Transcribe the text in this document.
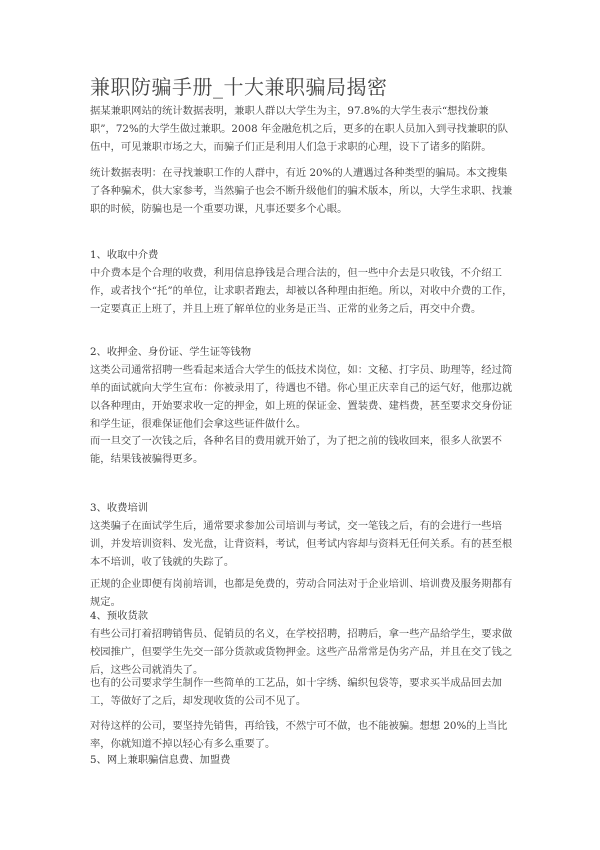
兼职防骗手册_十大兼职骗局揭密

据某兼职网站的统计数据表明，兼职人群以大学生为主，97.8%的大学生表示“想找份兼职”，72%的大学生做过兼职。2008 年金融危机之后，更多的在职人员加入到寻找兼职的队伍中，可见兼职市场之大，而骗子们正是利用人们急于求职的心理，设下了诸多的陷阱。

统计数据表明：在寻找兼职工作的人群中，有近 20%的人遭遇过各种类型的骗局。本文搜集了各种骗术，供大家参考，当然骗子也会不断升级他们的骗术版本，所以，大学生求职、找兼职的时候，防骗也是一个重要功课，凡事还要多个心眼。

1、收取中介费

中介费本是个合理的收费，利用信息挣钱是合理合法的，但一些中介去是只收钱，不介绍工作，或者找个“托”的单位，让求职者跑去，却被以各种理由拒绝。所以，对收中介费的工作，一定要真正上班了，并且上班了解单位的业务是正当、正常的业务之后，再交中介费。

2、收押金、身份证、学生证等钱物

这类公司通常招聘一些看起来适合大学生的低技术岗位，如：文秘、打字员、助理等，经过简单的面试就向大学生宣布：你被录用了，待遇也不错。你心里正庆幸自己的运气好，他那边就以各种理由，开始要求收一定的押金，如上班的保证金、置装费、建档费，甚至要求交身份证和学生证，很难保证他们会拿这些证件做什么。

而一旦交了一次钱之后，各种名目的费用就开始了，为了把之前的钱收回来，很多人欲罢不能，结果钱被骗得更多。

3、收费培训

这类骗子在面试学生后，通常要求参加公司培训与考试，交一笔钱之后，有的会进行一些培训，并发培训资料、发光盘，让背资料，考试，但考试内容却与资料无任何关系。有的甚至根本不培训，收了钱就的失踪了。

正规的企业即便有岗前培训，也都是免费的，劳动合同法对于企业培训、培训费及服务期都有规定。

4、预收货款

有些公司打着招聘销售员、促销员的名义，在学校招聘，招聘后，拿一些产品给学生，要求做校园推广，但要学生先交一部分货款或货物押金。这些产品常常是伪劣产品，并且在交了钱之后，这些公司就消失了。

也有的公司要求学生制作一些简单的工艺品，如十字绣、编织包袋等，要求买半成品回去加工，等做好了之后，却发现收货的公司不见了。

对待这样的公司，要坚持先销售，再给钱，不然宁可不做，也不能被骗。想想 20%的上当比率，你就知道不掉以轻心有多么重要了。

5、网上兼职骗信息费、加盟费
